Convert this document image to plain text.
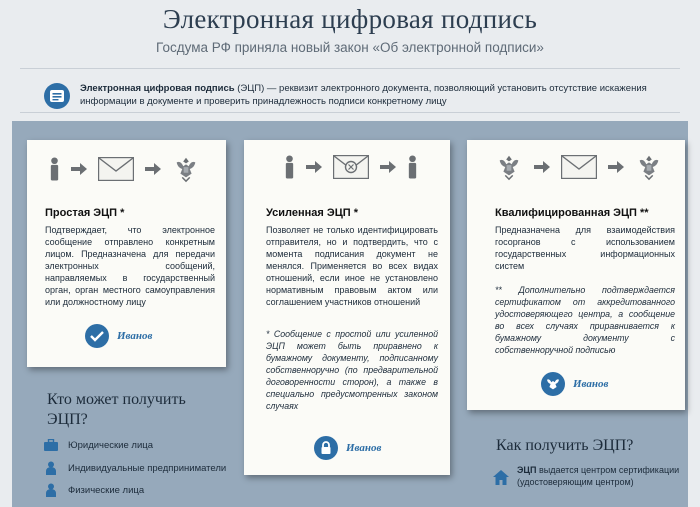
Электронная цифровая подпись
Госдума РФ приняла новый закон «Об электронной подписи»
Электронная цифровая подпись (ЭЦП) — реквизит электронного документа, позволяющий установить отсутствие искажения информации в документе и проверить принадлежность подписи конкретному лицу
Простая ЭЦП *
Подтверждает, что электронное сообщение отправлено конкретным лицом. Предназначена для передачи электронных сообщений, направляемых в государственный орган, орган местного самоуправления или должностному лицу
Иванов
Усиленная ЭЦП *
Позволяет не только идентифицировать отправителя, но и подтвердить, что с момента подписания документ не менялся. Применяется во всех видах отношений, если иное не установлено нормативным правовым актом или соглашением участников отношений
* Сообщение с простой или усиленной ЭЦП может быть приравнено к бумажному документу, подписанному собственноручно (по предварительной договоренности сторон), а также в специально предусмотренных законом случаях
Иванов
Квалифицированная ЭЦП **
Предназначена для взаимодействия госорганов с использованием государственных информационных систем
** Дополнительно подтверждается сертификатом от аккредитованного удостоверяющего центра, а сообщение во всех случаях приравнивается к бумажному документу с собственноручной подписью
Иванов
Кто может получить ЭЦП?
Юридические лица
Индивидуальные предприниматели
Физические лица
Как получить ЭЦП?
ЭЦП выдается центром сертификации (удостоверяющим центром)
